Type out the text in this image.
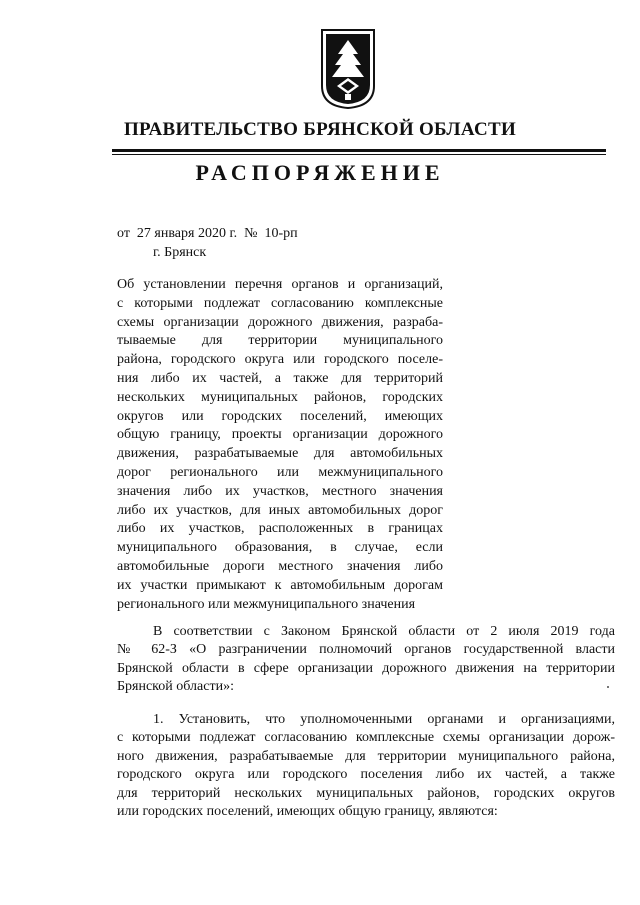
ПРАВИТЕЛЬСТВО БРЯНСКОЙ ОБЛАСТИ
РАСПОРЯЖЕНИЕ
от  27 января 2020 г.  №  10-рп
г. Брянск
Об установлении перечня органов и организаций,
с которыми подлежат согласованию комплексные
схемы организации дорожного движения, разраба-
тываемые для территории муниципального
района, городского округа или городского поселе-
ния либо их частей, а также для территорий
нескольких муниципальных районов, городских
округов или городских поселений, имеющих
общую границу, проекты организации дорожного
движения, разрабатываемые для автомобильных
дорог регионального или межмуниципального
значения либо их участков, местного значения
либо их участков, для иных автомобильных дорог
либо их участков, расположенных в границах
муниципального образования, в случае, если
автомобильные дороги местного значения либо
их участки примыкают к автомобильным дорогам
регионального или межмуниципального значения
В соответствии с Законом Брянской области от 2 июля 2019 года
№ 62-З «О разграничении полномочий органов государственной власти
Брянской области в сфере организации дорожного движения на территории
Брянской области»:
1. Установить, что уполномоченными органами и организациями,
с которыми подлежат согласованию комплексные схемы организации дорож-
ного движения, разрабатываемые для территории муниципального района,
городского округа или городского поселения либо их частей, а также
для территорий нескольких муниципальных районов, городских округов
или городских поселений, имеющих общую границу, являются:
